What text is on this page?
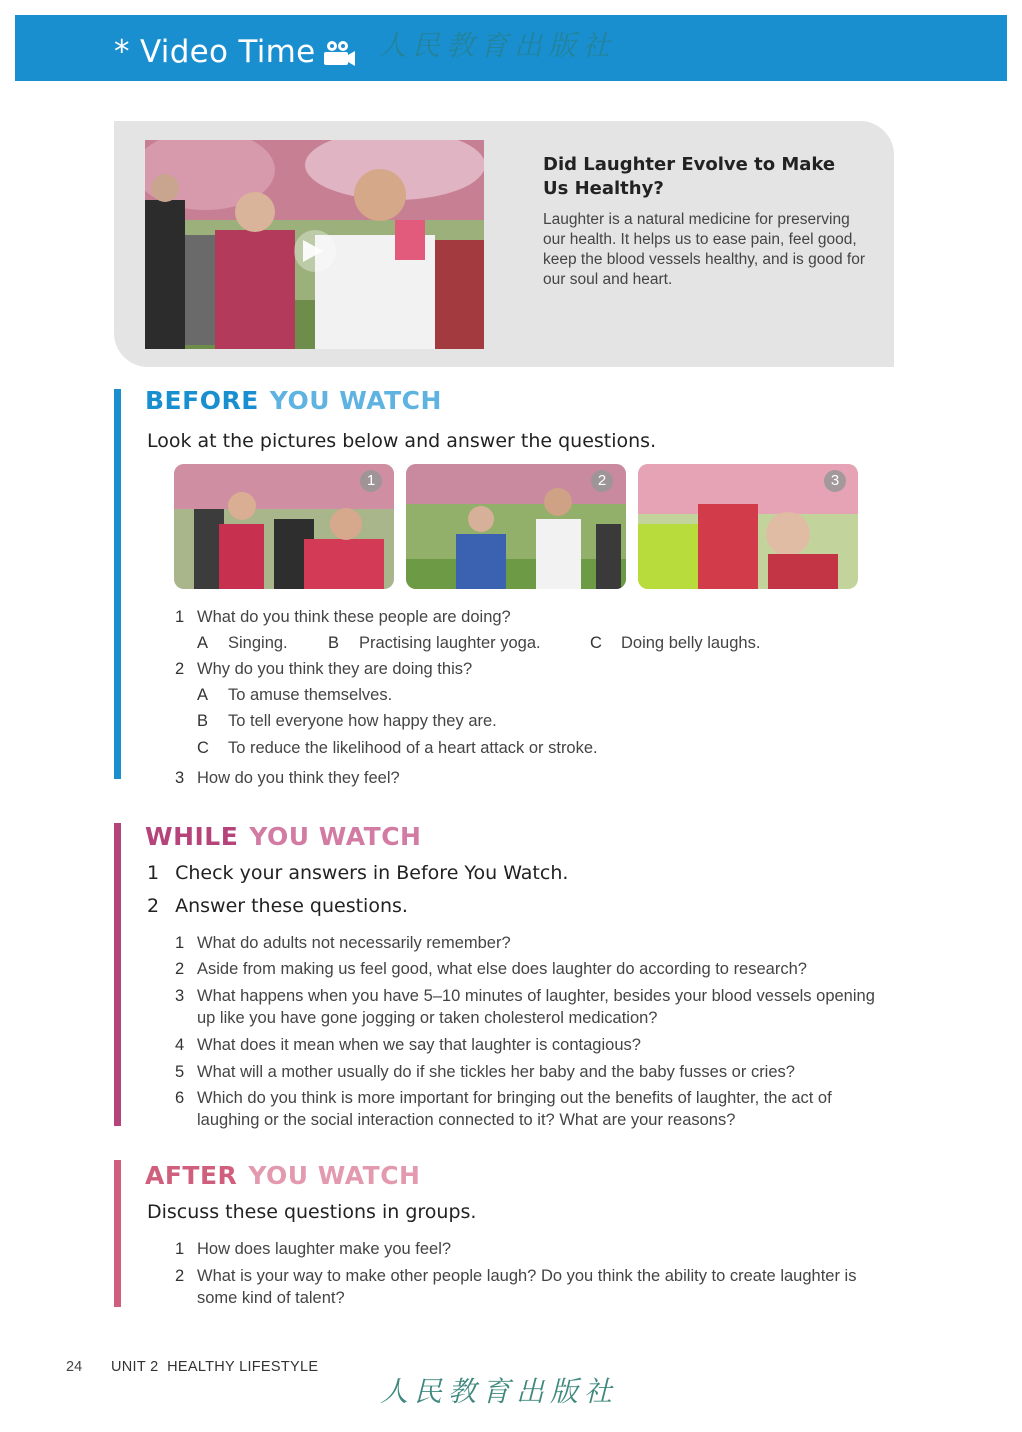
* Video Time 人民教育出版社
Did Laughter Evolve to Make Us Healthy?
Laughter is a natural medicine for preserving our health. It helps us to ease pain, feel good, keep the blood vessels healthy, and is good for our soul and heart.
BEFORE YOU WATCH
Look at the pictures below and answer the questions.
1	2	3
1 What do you think these people are doing?
A Singing. B Practising laughter yoga.	C Doing belly laughs.
2 Why do you think they are doing this?
A To amuse themselves.
B To tell everyone how happy they are.
C To reduce the likelihood of a heart attack or stroke.
3 How do you think they feel?
WHILE YOU WATCH
1 Check your answers in Before You Watch.
2 Answer these questions.
1 What do adults not necessarily remember?
2 Aside from making us feel good, what else does laughter do according to research?
3 What happens when you have 5–10 minutes of laughter, besides your blood vessels opening up like you have gone jogging or taken cholesterol medication?
4 What does it mean when we say that laughter is contagious?
5 What will a mother usually do if she tickles her baby and the baby fusses or cries?
6 Which do you think is more important for bringing out the benefits of laughter, the act of laughing or the social interaction connected to it? What are your reasons?
AFTER YOU WATCH
Discuss these questions in groups.
1 How does laughter make you feel?
2 What is your way to make other people laugh? Do you think the ability to create laughter is some kind of talent?
24 UNIT 2  HEALTHY LIFESTYLE
人民教育出版社
